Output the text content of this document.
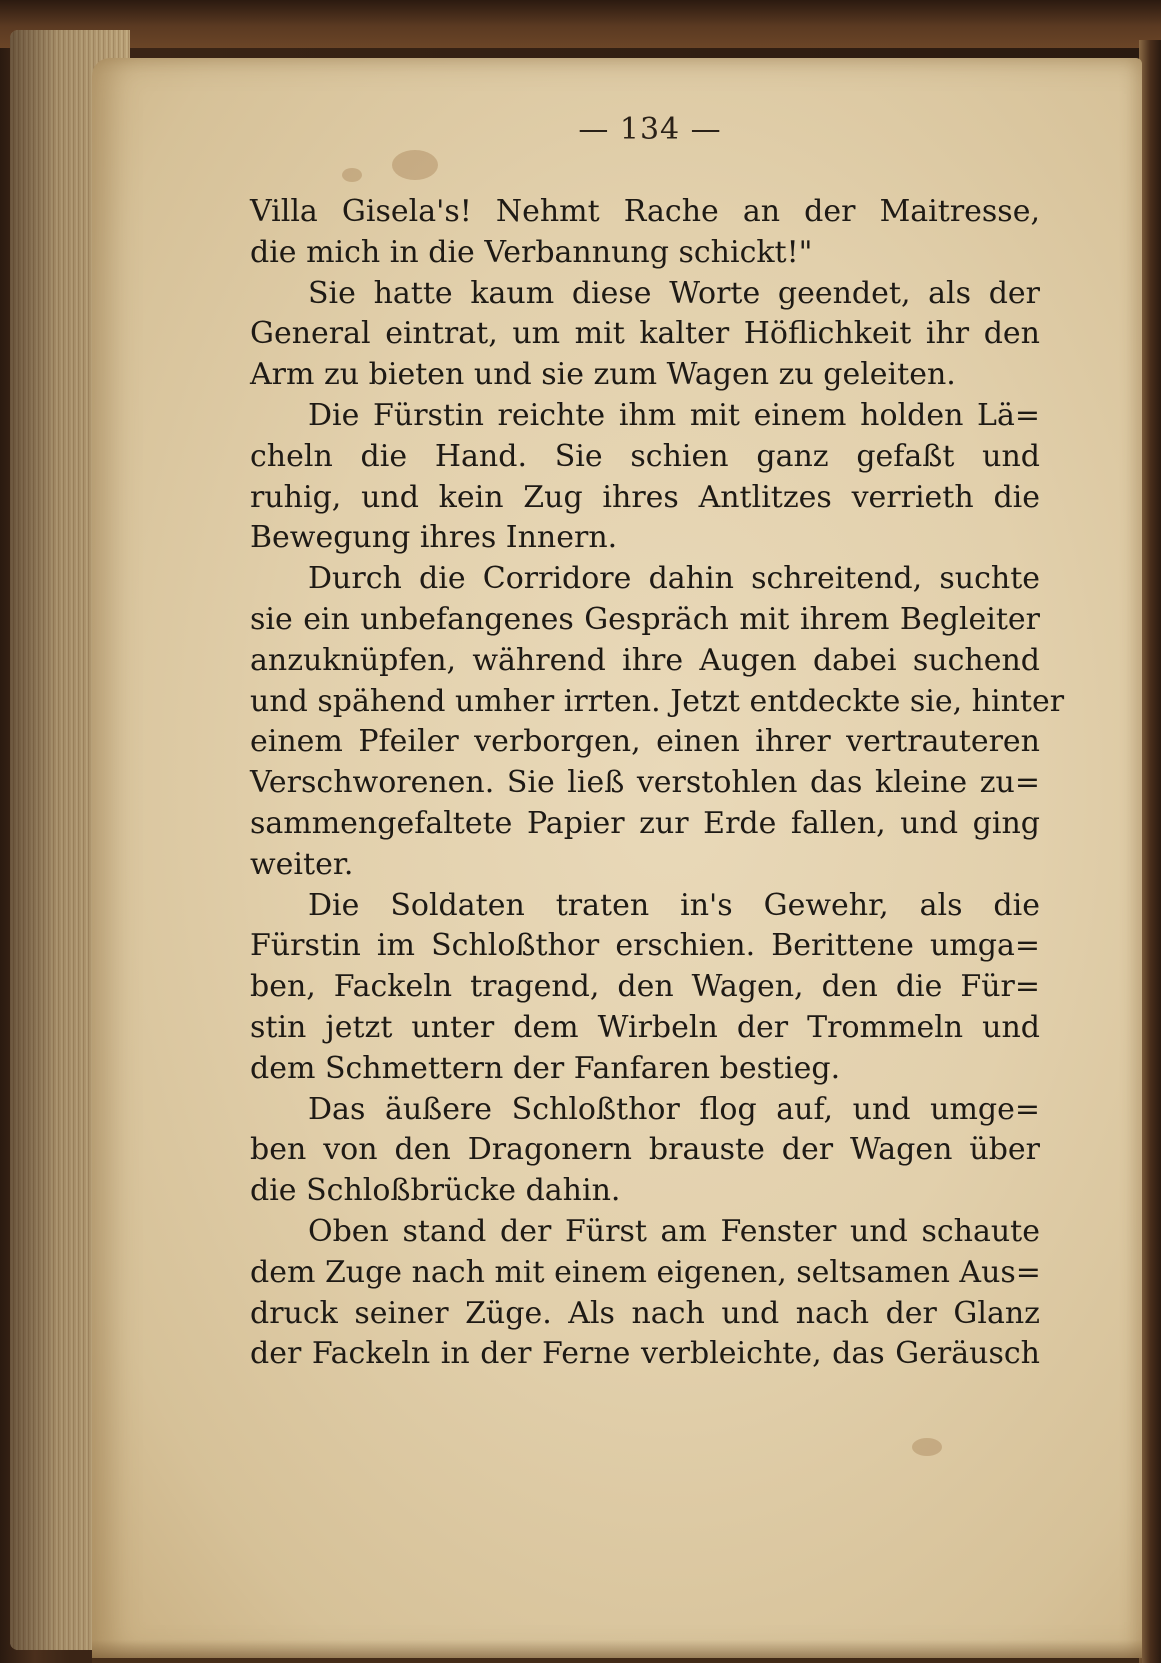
— 134 —
Villa Gisela's! Nehmt Rache an der Maitresse,
die mich in die Verbannung schickt!"
Sie hatte kaum diese Worte geendet, als der
General eintrat, um mit kalter Höflichkeit ihr den
Arm zu bieten und sie zum Wagen zu geleiten.
Die Fürstin reichte ihm mit einem holden Lä=
cheln die Hand. Sie schien ganz gefaßt und
ruhig, und kein Zug ihres Antlitzes verrieth die
Bewegung ihres Innern.
Durch die Corridore dahin schreitend, suchte
sie ein unbefangenes Gespräch mit ihrem Begleiter
anzuknüpfen, während ihre Augen dabei suchend
und spähend umher irrten. Jetzt entdeckte sie, hinter
einem Pfeiler verborgen, einen ihrer vertrauteren
Verschworenen. Sie ließ verstohlen das kleine zu=
sammengefaltete Papier zur Erde fallen, und ging
weiter.
Die Soldaten traten in's Gewehr, als die
Fürstin im Schloßthor erschien. Berittene umga=
ben, Fackeln tragend, den Wagen, den die Für=
stin jetzt unter dem Wirbeln der Trommeln und
dem Schmettern der Fanfaren bestieg.
Das äußere Schloßthor flog auf, und umge=
ben von den Dragonern brauste der Wagen über
die Schloßbrücke dahin.
Oben stand der Fürst am Fenster und schaute
dem Zuge nach mit einem eigenen, seltsamen Aus=
druck seiner Züge. Als nach und nach der Glanz
der Fackeln in der Ferne verbleichte, das Geräusch
